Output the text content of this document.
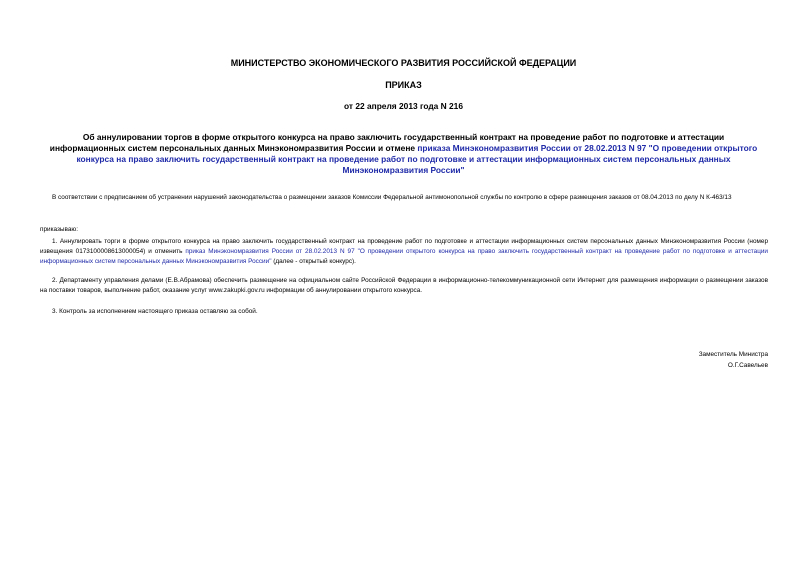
МИНИСТЕРСТВО ЭКОНОМИЧЕСКОГО РАЗВИТИЯ РОССИЙСКОЙ ФЕДЕРАЦИИ
ПРИКАЗ
от 22 апреля 2013 года N 216
Об аннулировании торгов в форме открытого конкурса на право заключить государственный контракт на проведение работ по подготовке и аттестации информационных систем персональных данных Минэкономразвития России и отмене приказа Минэкономразвития России от 28.02.2013 N 97 "О проведении открытого конкурса на право заключить государственный контракт на проведение работ по подготовке и аттестации информационных систем персональных данных Минэкономразвития России"
В соответствии с предписанием об устранении нарушений законодательства о размещении заказов Комиссии Федеральной антимонопольной службы по контролю в сфере размещения заказов от 08.04.2013 по делу N К-463/13
приказываю:
1. Аннулировать торги в форме открытого конкурса на право заключить государственный контракт на проведение работ по подготовке и аттестации информационных систем персональных данных Минэкономразвития России (номер извещения 0173100008613000054) и отменить приказ Минэкономразвития России от 28.02.2013 N 97 "О проведении открытого конкурса на право заключить государственный контракт на проведение работ по подготовке и аттестации информационных систем персональных данных Минэкономразвития России" (далее - открытый конкурс).
2. Департаменту управления делами (Е.В.Абрамова) обеспечить размещение на официальном сайте Российской Федерации в информационно-телекоммуникационной сети Интернет для размещения информации о размещении заказов на поставки товаров, выполнение работ, оказание услуг www.zakupki.gov.ru информации об аннулировании открытого конкурса.
3. Контроль за исполнением настоящего приказа оставляю за собой.
Заместитель Министра
О.Г.Савельев
